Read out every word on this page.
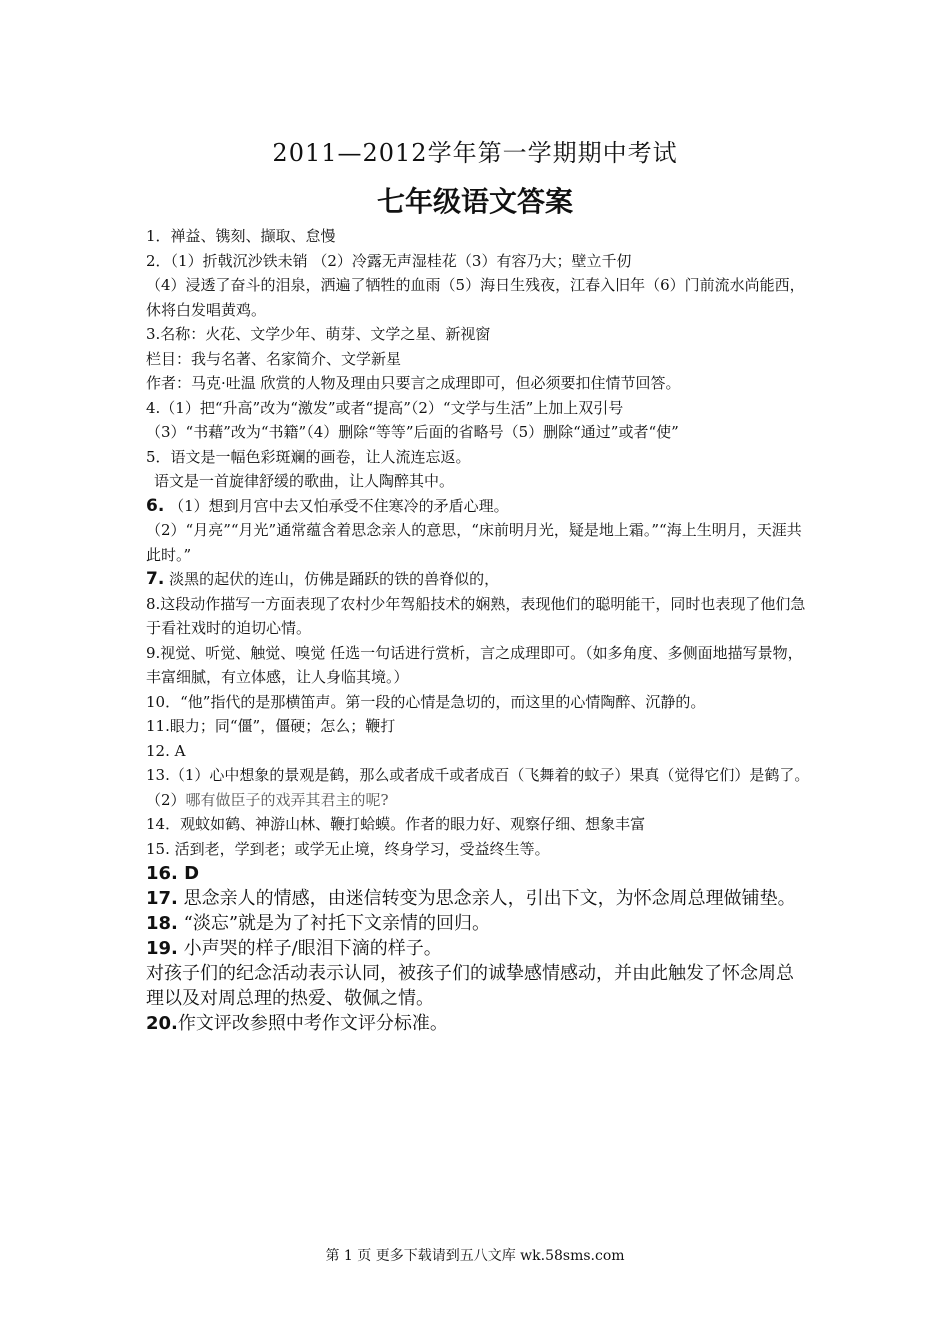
2011—2012学年第一学期期中考试
七年级语文答案
1．禅益、镌刻、撷取、怠慢
2．（1）折戟沉沙铁未销 （2）冷露无声湿桂花（3）有容乃大；壁立千仞
（4）浸透了奋斗的泪泉，洒遍了牺牲的血雨（5）海日生残夜，江春入旧年（6）门前流水尚能西，休将白发唱黄鸡。
3.名称：火花、文学少年、萌芽、文学之星、新视窗
栏目：我与名著、名家简介、文学新星
作者：马克·吐温 欣赏的人物及理由只要言之成理即可，但必须要扣住情节回答。
4.（1）把“升高”改为“激发”或者“提高”（2）“文学与生活”上加上双引号
（3）“书藉”改为“书籍”（4）删除“等等”后面的省略号（5）删除“通过”或者“使”
5．语文是一幅色彩斑斓的画卷，让人流连忘返。
语文是一首旋律舒缓的歌曲，让人陶醉其中。
6. （1）想到月宫中去又怕承受不住寒冷的矛盾心理。
（2）“月亮”“月光”通常蕴含着思念亲人的意思，“床前明月光，疑是地上霜。”“海上生明月，天涯共此时。”
7. 淡黑的起伏的连山，仿佛是踊跃的铁的兽脊似的，
8.这段动作描写一方面表现了农村少年驾船技术的娴熟，表现他们的聪明能干，同时也表现了他们急于看社戏时的迫切心情。
9.视觉、听觉、触觉、嗅觉 任选一句话进行赏析，言之成理即可。（如多角度、多侧面地描写景物，丰富细腻，有立体感，让人身临其境。）
10．“他”指代的是那横笛声。第一段的心情是急切的，而这里的心情陶醉、沉静的。
11.眼力；同“僵”，僵硬；怎么；鞭打
12. A
13.（1）心中想象的景观是鹤，那么或者成千或者成百（飞舞着的蚊子）果真（觉得它们）是鹤了。（2）哪有做臣子的戏弄其君主的呢?
14．观蚊如鹤、神游山林、鞭打蛤蟆。作者的眼力好、观察仔细、想象丰富
15. 活到老，学到老；或学无止境，终身学习，受益终生等。
16. D
17. 思念亲人的情感，由迷信转变为思念亲人，引出下文，为怀念周总理做铺垫。
18. “淡忘”就是为了衬托下文亲情的回归。
19. 小声哭的样子/眼泪下滴的样子。
对孩子们的纪念活动表示认同，被孩子们的诚挚感情感动，并由此触发了怀念周总理以及对周总理的热爱、敬佩之情。
20.作文评改参照中考作文评分标准。
第 1 页 更多下载请到五八文库 wk.58sms.com
